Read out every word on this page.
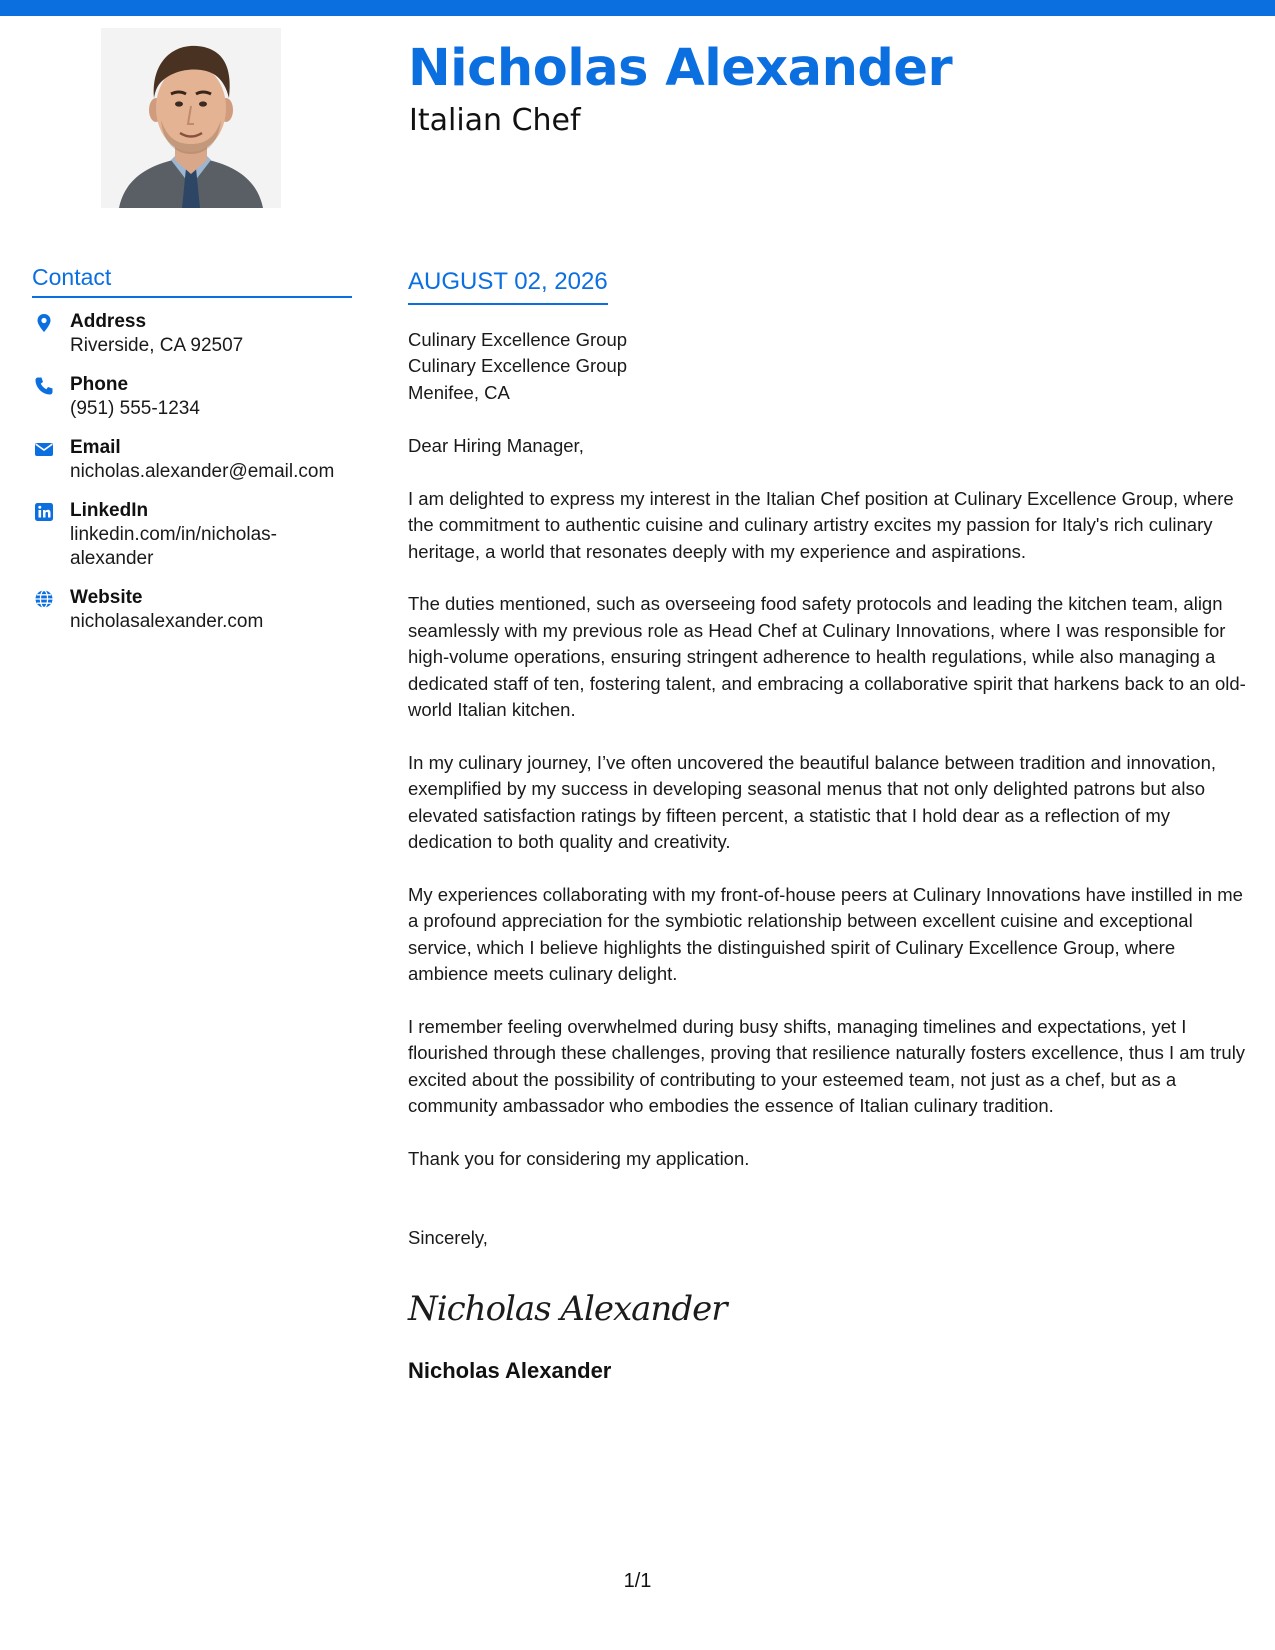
Nicholas Alexander
Italian Chef
Contact
Address
Riverside, CA 92507
Phone
(951) 555-1234
Email
nicholas.alexander@email.com
LinkedIn
linkedin.com/in/nicholas-
alexander
Website
nicholasalexander.com
AUGUST 02, 2026
Culinary Excellence Group
Culinary Excellence Group
Menifee, CA

Dear Hiring Manager,

I am delighted to express my interest in the Italian Chef position at Culinary Excellence Group, where the commitment to authentic cuisine and culinary artistry excites my passion for Italy's rich culinary heritage, a world that resonates deeply with my experience and aspirations.

The duties mentioned, such as overseeing food safety protocols and leading the kitchen team, align seamlessly with my previous role as Head Chef at Culinary Innovations, where I was responsible for high-volume operations, ensuring stringent adherence to health regulations, while also managing a dedicated staff of ten, fostering talent, and embracing a collaborative spirit that harkens back to an old-world Italian kitchen.

In my culinary journey, I’ve often uncovered the beautiful balance between tradition and innovation, exemplified by my success in developing seasonal menus that not only delighted patrons but also elevated satisfaction ratings by fifteen percent, a statistic that I hold dear as a reflection of my dedication to both quality and creativity.

My experiences collaborating with my front-of-house peers at Culinary Innovations have instilled in me a profound appreciation for the symbiotic relationship between excellent cuisine and exceptional service, which I believe highlights the distinguished spirit of Culinary Excellence Group, where ambience meets culinary delight.

I remember feeling overwhelmed during busy shifts, managing timelines and expectations, yet I flourished through these challenges, proving that resilience naturally fosters excellence, thus I am truly excited about the possibility of contributing to your esteemed team, not just as a chef, but as a community ambassador who embodies the essence of Italian culinary tradition.

Thank you for considering my application.

Sincerely,

Nicholas Alexander
Nicholas Alexander
1/1
